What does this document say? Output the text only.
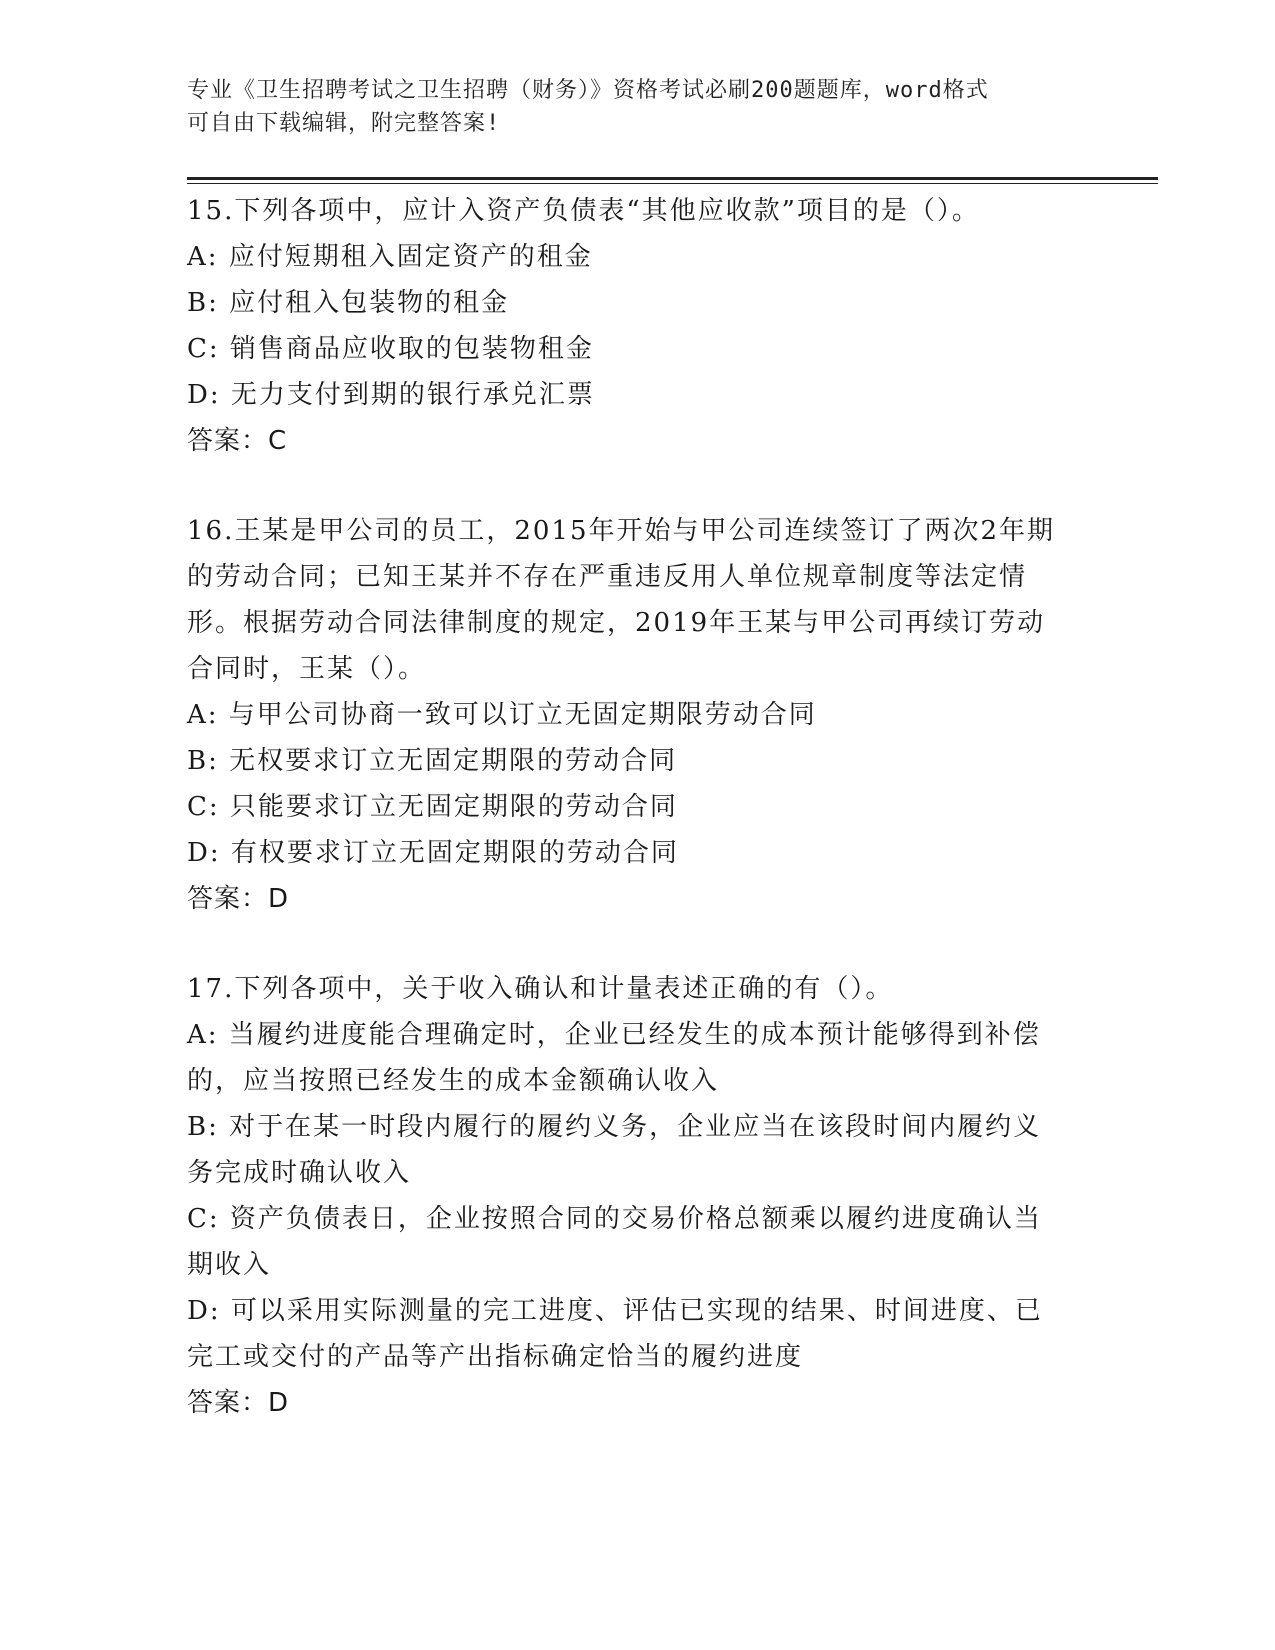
专业《卫生招聘考试之卫生招聘（财务）》资格考试必刷200题题库，word格式
可自由下载编辑，附完整答案!
15.下列各项中，应计入资产负债表“其他应收款”项目的是（）。
A: 应付短期租入固定资产的租金
B: 应付租入包装物的租金
C: 销售商品应收取的包装物租金
D: 无力支付到期的银行承兑汇票
答案：C
16.王某是甲公司的员工，2015年开始与甲公司连续签订了两次2年期
的劳动合同；已知王某并不存在严重违反用人单位规章制度等法定情
形。根据劳动合同法律制度的规定，2019年王某与甲公司再续订劳动
合同时，王某（）。
A: 与甲公司协商一致可以订立无固定期限劳动合同
B: 无权要求订立无固定期限的劳动合同
C: 只能要求订立无固定期限的劳动合同
D: 有权要求订立无固定期限的劳动合同
答案：D
17.下列各项中，关于收入确认和计量表述正确的有（）。
A: 当履约进度能合理确定时，企业已经发生的成本预计能够得到补偿
的，应当按照已经发生的成本金额确认收入
B: 对于在某一时段内履行的履约义务，企业应当在该段时间内履约义
务完成时确认收入
C: 资产负债表日，企业按照合同的交易价格总额乘以履约进度确认当
期收入
D: 可以采用实际测量的完工进度、评估已实现的结果、时间进度、已
完工或交付的产品等产出指标确定恰当的履约进度
答案：D
